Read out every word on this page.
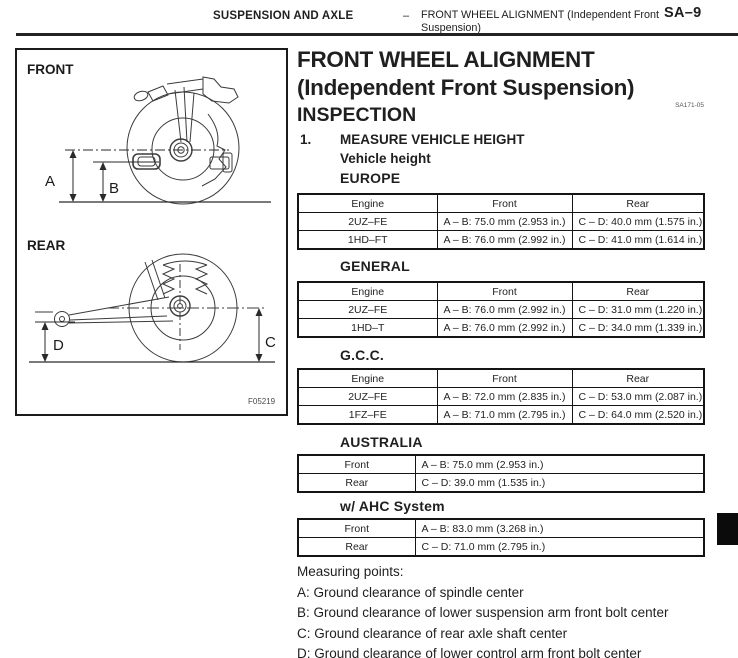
SUSPENSION AND AXLE	– FRONT WHEEL ALIGNMENT (Independent Front
Suspension)
SA–9
FRONT
A	B
REAR
C
D
F05219
FRONT WHEEL ALIGNMENT
(Independent Front Suspension)
INSPECTION	SA171-05
1. MEASURE VEHICLE HEIGHT
Vehicle height
EUROPE
Engine	Front	Rear
2UZ–FE	A – B: 75.0 mm (2.953 in.)	C – D: 40.0 mm (1.575 in.)
1HD–FT	A – B: 76.0 mm (2.992 in.)	C – D: 41.0 mm (1.614 in.)
GENERAL
Engine	Front	Rear
2UZ–FE	A – B: 76.0 mm (2.992 in.)	C – D: 31.0 mm (1.220 in.)
1HD–T	A – B: 76.0 mm (2.992 in.)	C – D: 34.0 mm (1.339 in.)
G.C.C.
Engine	Front	Rear
2UZ–FE	A – B: 72.0 mm (2.835 in.)	C – D: 53.0 mm (2.087 in.)
1FZ–FE	A – B: 71.0 mm (2.795 in.)	C – D: 64.0 mm (2.520 in.)
AUSTRALIA
Front	A – B: 75.0 mm (2.953 in.)
Rear	C – D: 39.0 mm (1.535 in.)
w/ AHC System
Front	A – B: 83.0 mm (3.268 in.)
Rear	C – D: 71.0 mm (2.795 in.)
Measuring points:
A: Ground clearance of spindle center
B: Ground clearance of lower suspension arm front bolt center
C: Ground clearance of rear axle shaft center
D: Ground clearance of lower control arm front bolt center
